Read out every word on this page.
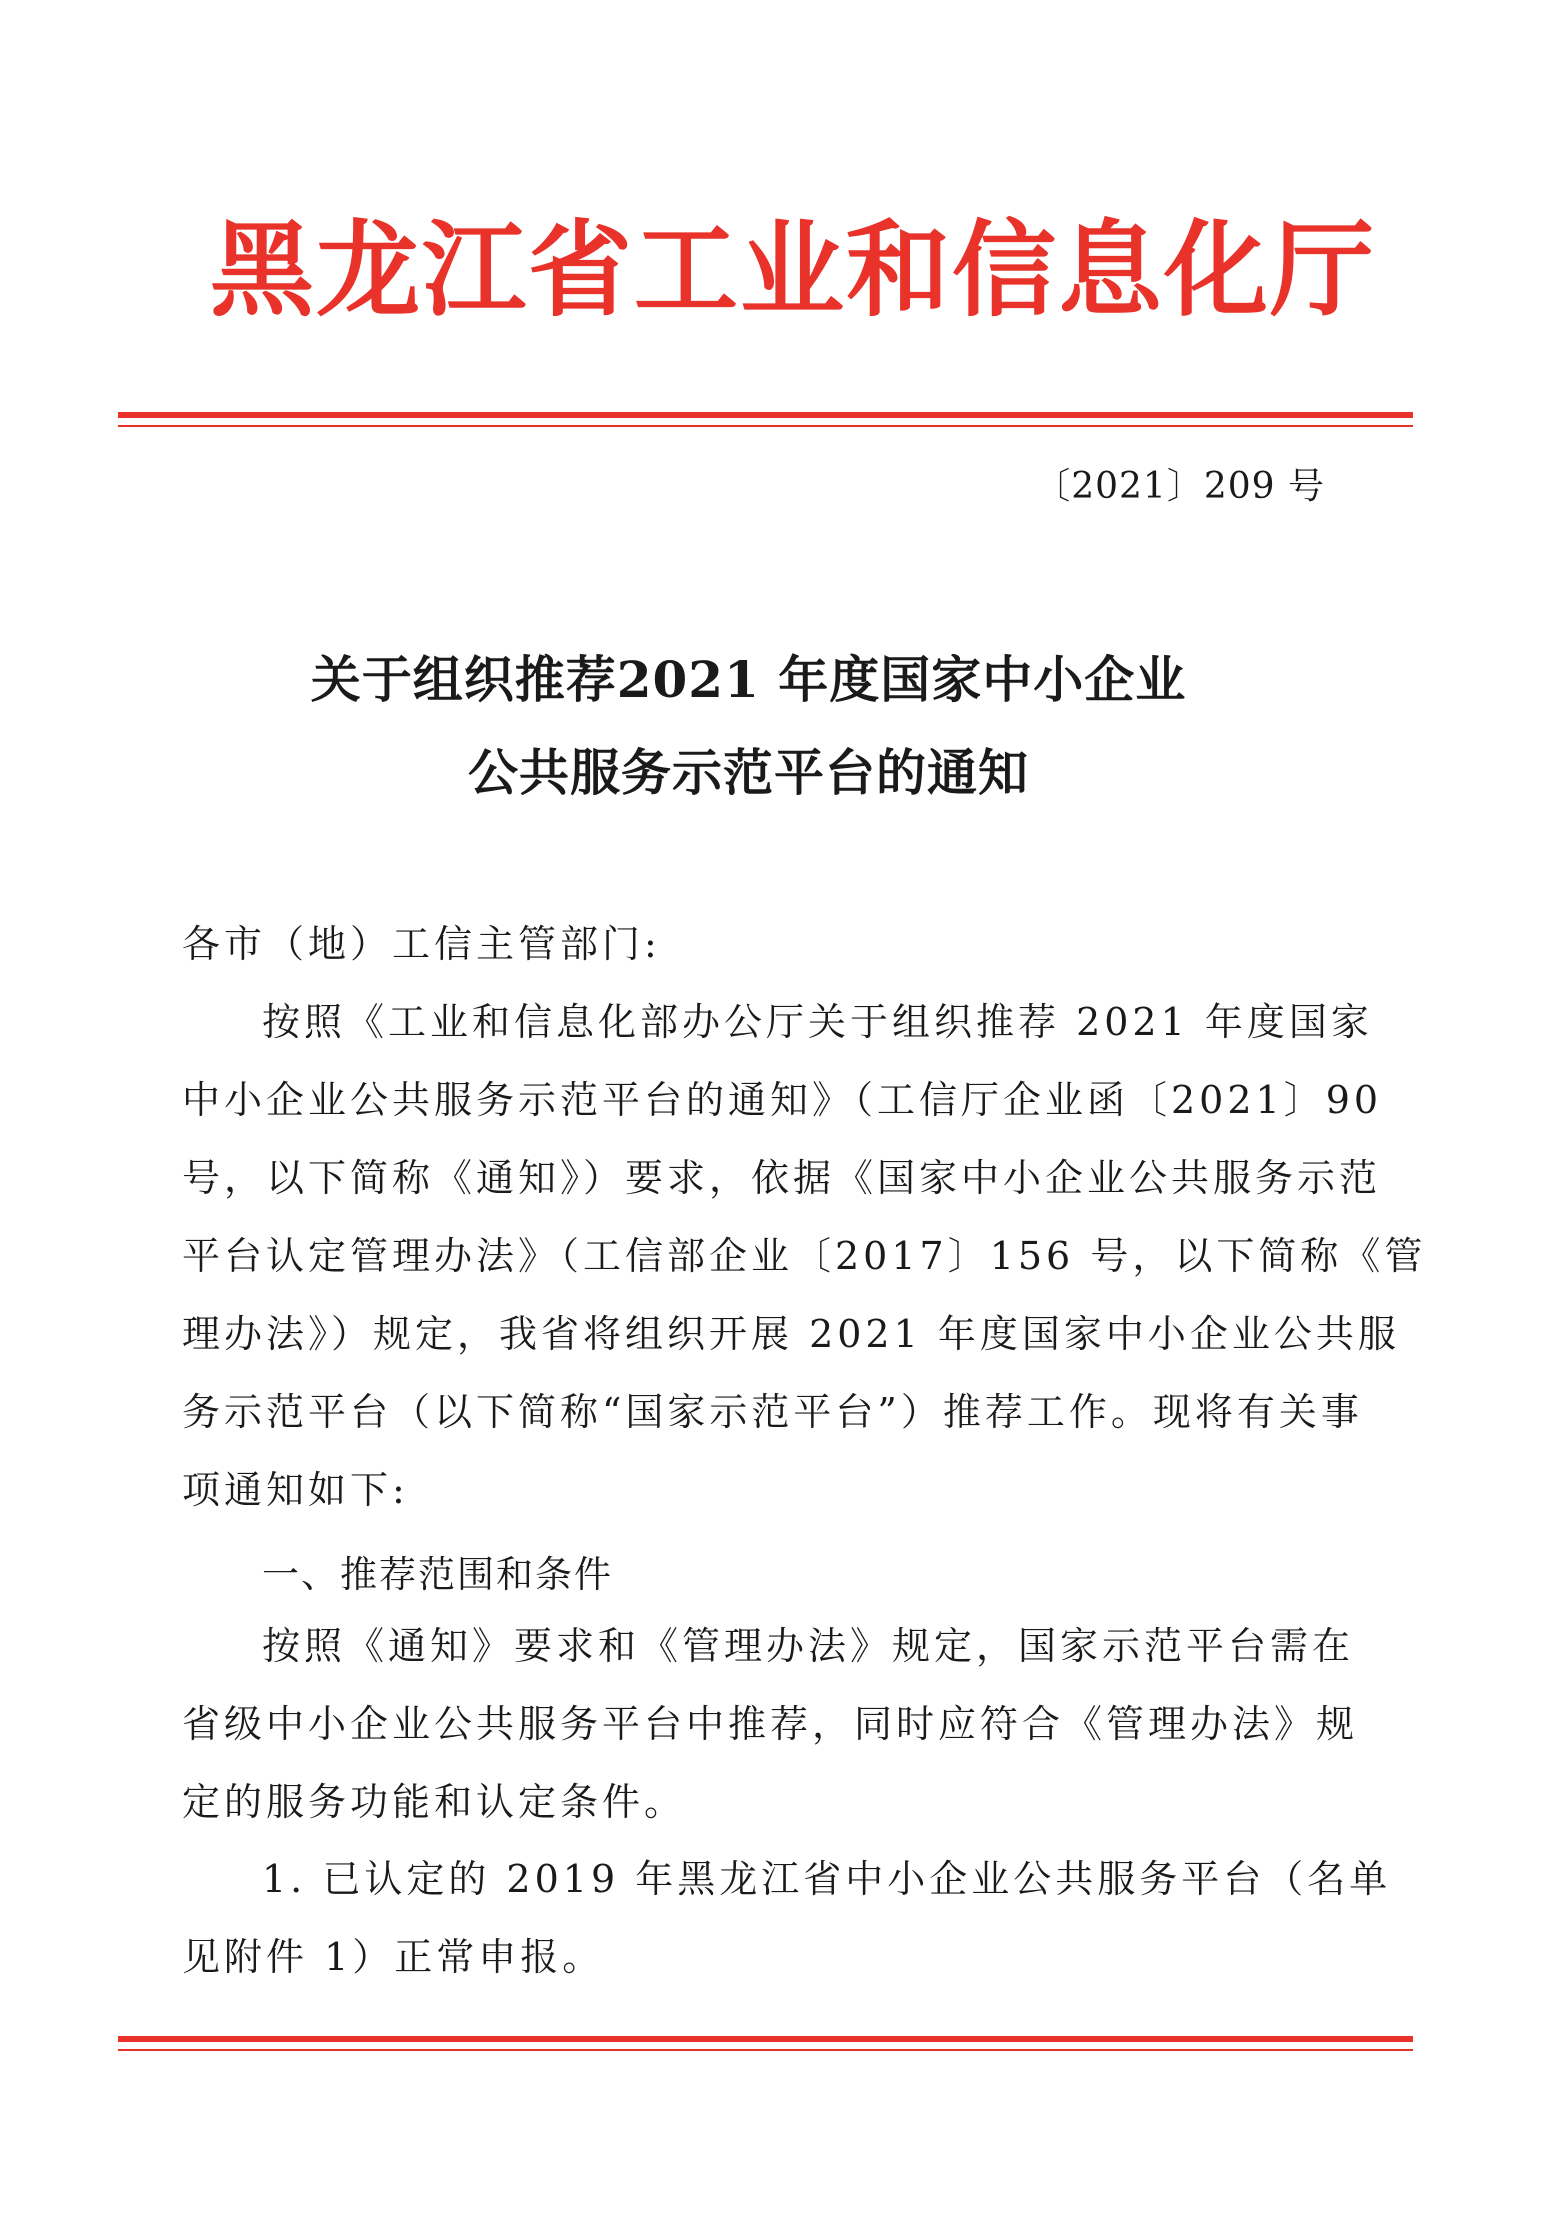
黑龙江省工业和信息化厅
〔2021〕209 号
关于组织推荐2021 年度国家中小企业
公共服务示范平台的通知
各市（地）工信主管部门:
按照《工业和信息化部办公厅关于组织推荐 2021 年度国家
中小企业公共服务示范平台的通知》（工信厅企业函〔2021〕90
号，以下简称《通知》）要求，依据《国家中小企业公共服务示范
平台认定管理办法》（工信部企业〔2017〕156 号，以下简称《管
理办法》）规定，我省将组织开展 2021 年度国家中小企业公共服
务示范平台（以下简称“国家示范平台”）推荐工作。现将有关事
项通知如下:
一、推荐范围和条件
按照《通知》要求和《管理办法》规定，国家示范平台需在
省级中小企业公共服务平台中推荐，同时应符合《管理办法》规
定的服务功能和认定条件。
1. 已认定的 2019 年黑龙江省中小企业公共服务平台（名单
见附件 1）正常申报。
